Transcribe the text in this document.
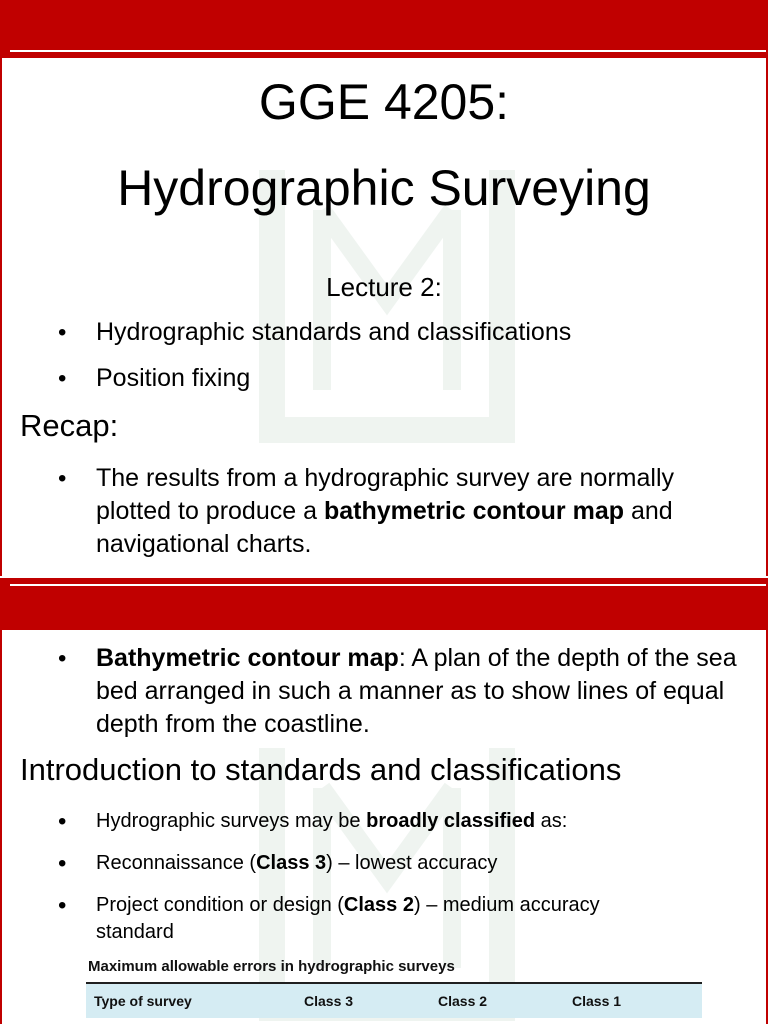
GGE 4205:
Hydrographic Surveying
Lecture 2:
•	Hydrographic standards and classifications
•	Position fixing
Recap:
•	The results from a hydrographic survey are normally plotted to produce a bathymetric contour map and navigational charts.
•	Bathymetric contour map: A plan of the depth of the sea bed arranged in such a manner as to show lines of equal depth from the coastline.
Introduction to standards and classifications
•	Hydrographic surveys may be broadly classified as:
•	Reconnaissance (Class 3) – lowest accuracy
•	Project condition or design (Class 2) – medium accuracy standard
Maximum allowable errors in hydrographic surveys
Type of survey	Class 3	Class 2	Class 1
